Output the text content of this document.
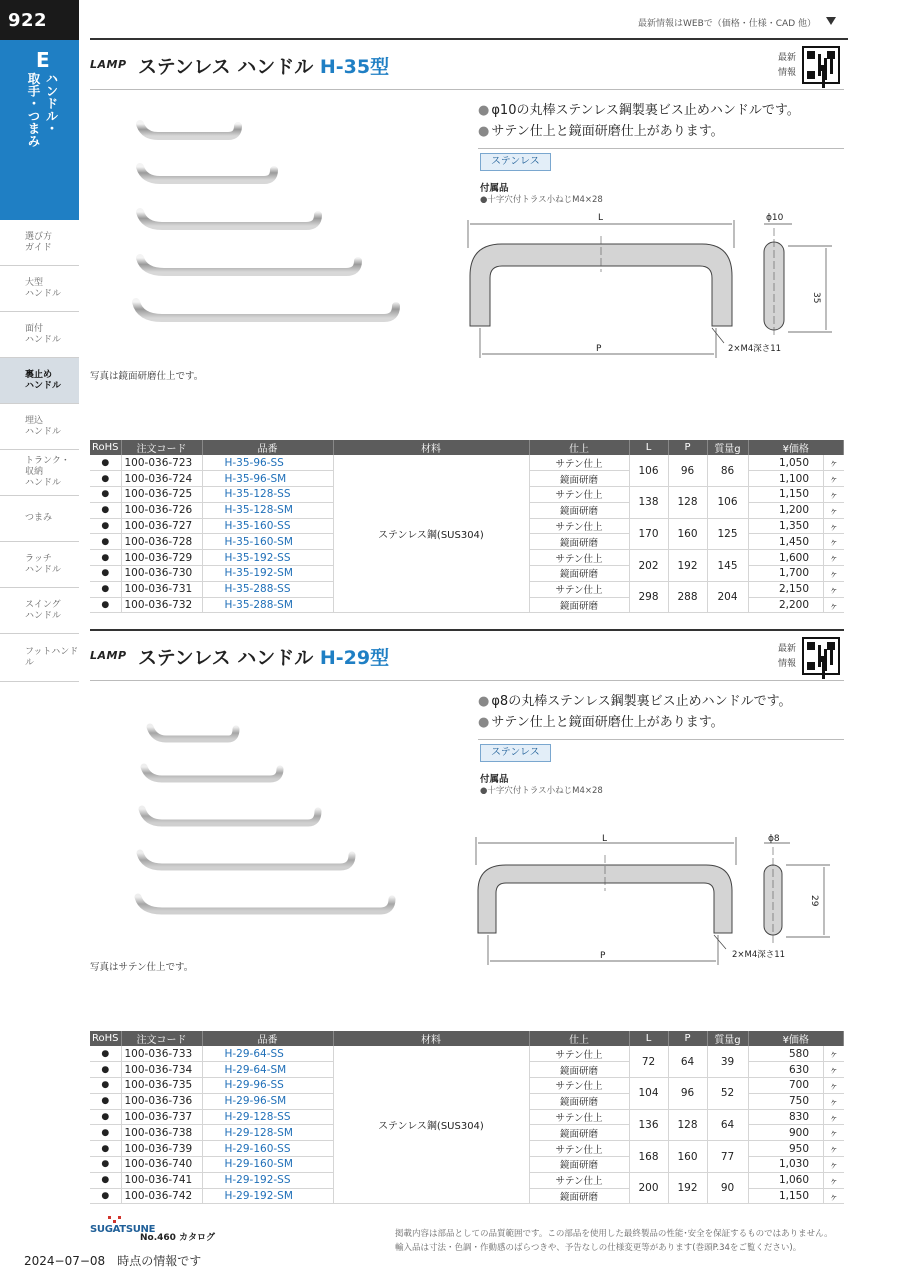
922
E
ハンドル・
取手・つまみ
選び方
ガイド
大型
ハンドル
面付
ハンドル
裏止め
ハンドル
埋込
ハンドル
トランク・
収納
ハンドル
つまみ
ラッチ
ハンドル
スイング
ハンドル
フットハンドル
最新情報はWEBで（価格・仕様・CAD 他）
LAMP ステンレス ハンドル H-35型	最新
情報
写真は鏡面研磨仕上です。
● φ10の丸棒ステンレス鋼製裏ビス止めハンドルです。
● サテン仕上と鏡面研磨仕上があります。
ステンレス
付属品
●十字穴付トラス小ねじM4×28
L
P
ϕ10
35
2×M4深さ11
RoHS	注文コード	品番	材料	仕上	L	P	質量g	¥価格	
●	100-036-723	H-35-96-SS	ステンレス鋼(SUS304)	サテン仕上	106	96	86	1,050	ヶ
●	100-036-724	H-35-96-SM		鏡面研磨				1,100	ヶ
●	100-036-725	H-35-128-SS		サテン仕上	138	128	106	1,150	ヶ
●	100-036-726	H-35-128-SM		鏡面研磨				1,200	ヶ
●	100-036-727	H-35-160-SS		サテン仕上	170	160	125	1,350	ヶ
●	100-036-728	H-35-160-SM		鏡面研磨				1,450	ヶ
●	100-036-729	H-35-192-SS		サテン仕上	202	192	145	1,600	ヶ
●	100-036-730	H-35-192-SM		鏡面研磨				1,700	ヶ
●	100-036-731	H-35-288-SS		サテン仕上	298	288	204	2,150	ヶ
●	100-036-732	H-35-288-SM		鏡面研磨				2,200	ヶ
LAMP ステンレス ハンドル H-29型	最新
情報
写真はサテン仕上です。
● φ8の丸棒ステンレス鋼製裏ビス止めハンドルです。
● サテン仕上と鏡面研磨仕上があります。
ステンレス
付属品
●十字穴付トラス小ねじM4×28
L
P
ϕ8
29
2×M4深さ11
RoHS	注文コード	品番	材料	仕上	L	P	質量g	¥価格	
●	100-036-733	H-29-64-SS	ステンレス鋼(SUS304)	サテン仕上	72	64	39	580	ヶ
●	100-036-734	H-29-64-SM		鏡面研磨				630	ヶ
●	100-036-735	H-29-96-SS		サテン仕上	104	96	52	700	ヶ
●	100-036-736	H-29-96-SM		鏡面研磨				750	ヶ
●	100-036-737	H-29-128-SS		サテン仕上	136	128	64	830	ヶ
●	100-036-738	H-29-128-SM		鏡面研磨				900	ヶ
●	100-036-739	H-29-160-SS		サテン仕上	168	160	77	950	ヶ
●	100-036-740	H-29-160-SM		鏡面研磨				1,030	ヶ
●	100-036-741	H-29-192-SS		サテン仕上	200	192	90	1,060	ヶ
●	100-036-742	H-29-192-SM		鏡面研磨				1,150	ヶ
SUGATSUNE
No.460 カタログ	掲載内容は部品としての品質範囲です。この部品を使用した最終製品の性能･安全を保証するものではありません。
輸入品は寸法・色調・作動感のばらつきや、予告なしの仕様変更等があります(巻頭P.34をご覧ください)。
2024−07−08　時点の情報です
